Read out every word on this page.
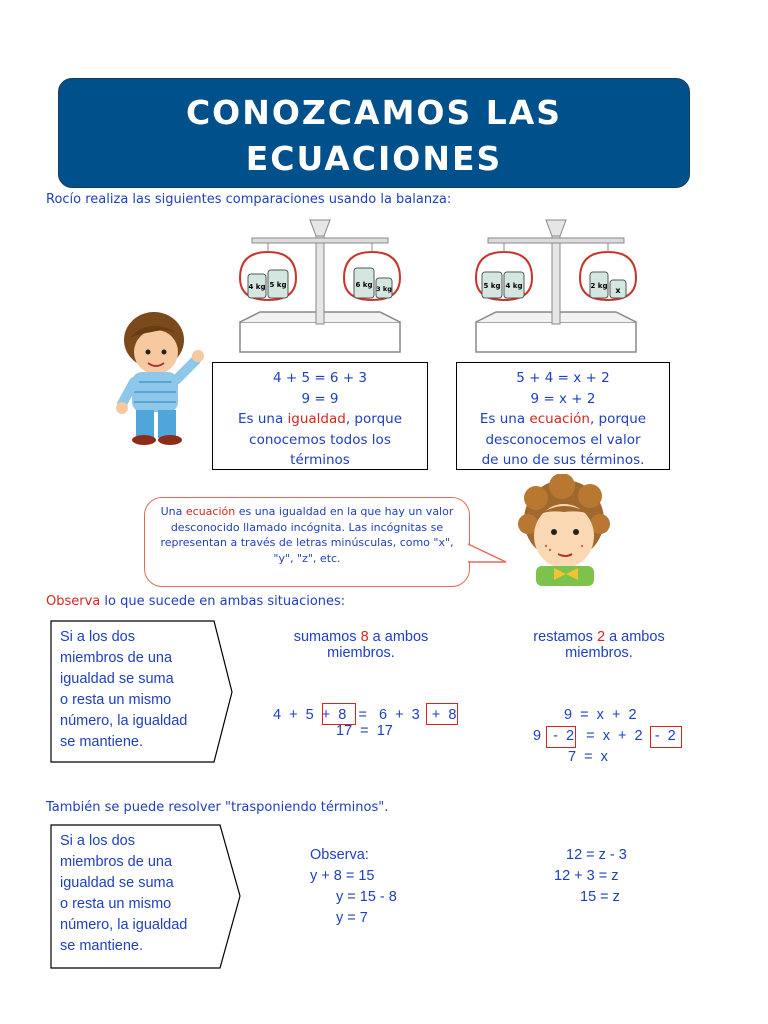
CONOZCAMOS LAS
ECUACIONES
Rocío realiza las siguientes comparaciones usando la balanza:
4 kg 5 kg	6 kg 3 kg	5 kg 4 kg	2 kg x
4 + 5 = 6 + 3
9 = 9
Es una igualdad, porque
conocemos todos los
términos
5 + 4 = x + 2
9 = x + 2
Es una ecuación, porque
desconocemos el valor
de uno de sus términos.
Una ecuación es una igualdad en la que hay un valor desconocido llamado incógnita. Las incógnitas se representan a través de letras minúsculas, como "x", "y", "z", etc.
Observa lo que sucede en ambas situaciones:
Si a los dos
miembros de una
igualdad se suma
o resta un mismo
número, la igualdad
se mantiene.
sumamos 8 a ambos
miembros.
4  +  5  +  8   =   6  +  3   +  8
17  =  17
restamos 2 a ambos
miembros.
9  =  x  +  2
9   -  2   =  x  +  2   -  2
7  =  x
También se puede resolver "trasponiendo términos".
Si a los dos
miembros de una
igualdad se suma
o resta un mismo
número, la igualdad
se mantiene.
Observa:
y + 8 = 15
y = 15 - 8
y = 7
12 = z - 3
12 + 3 = z
15 = z
